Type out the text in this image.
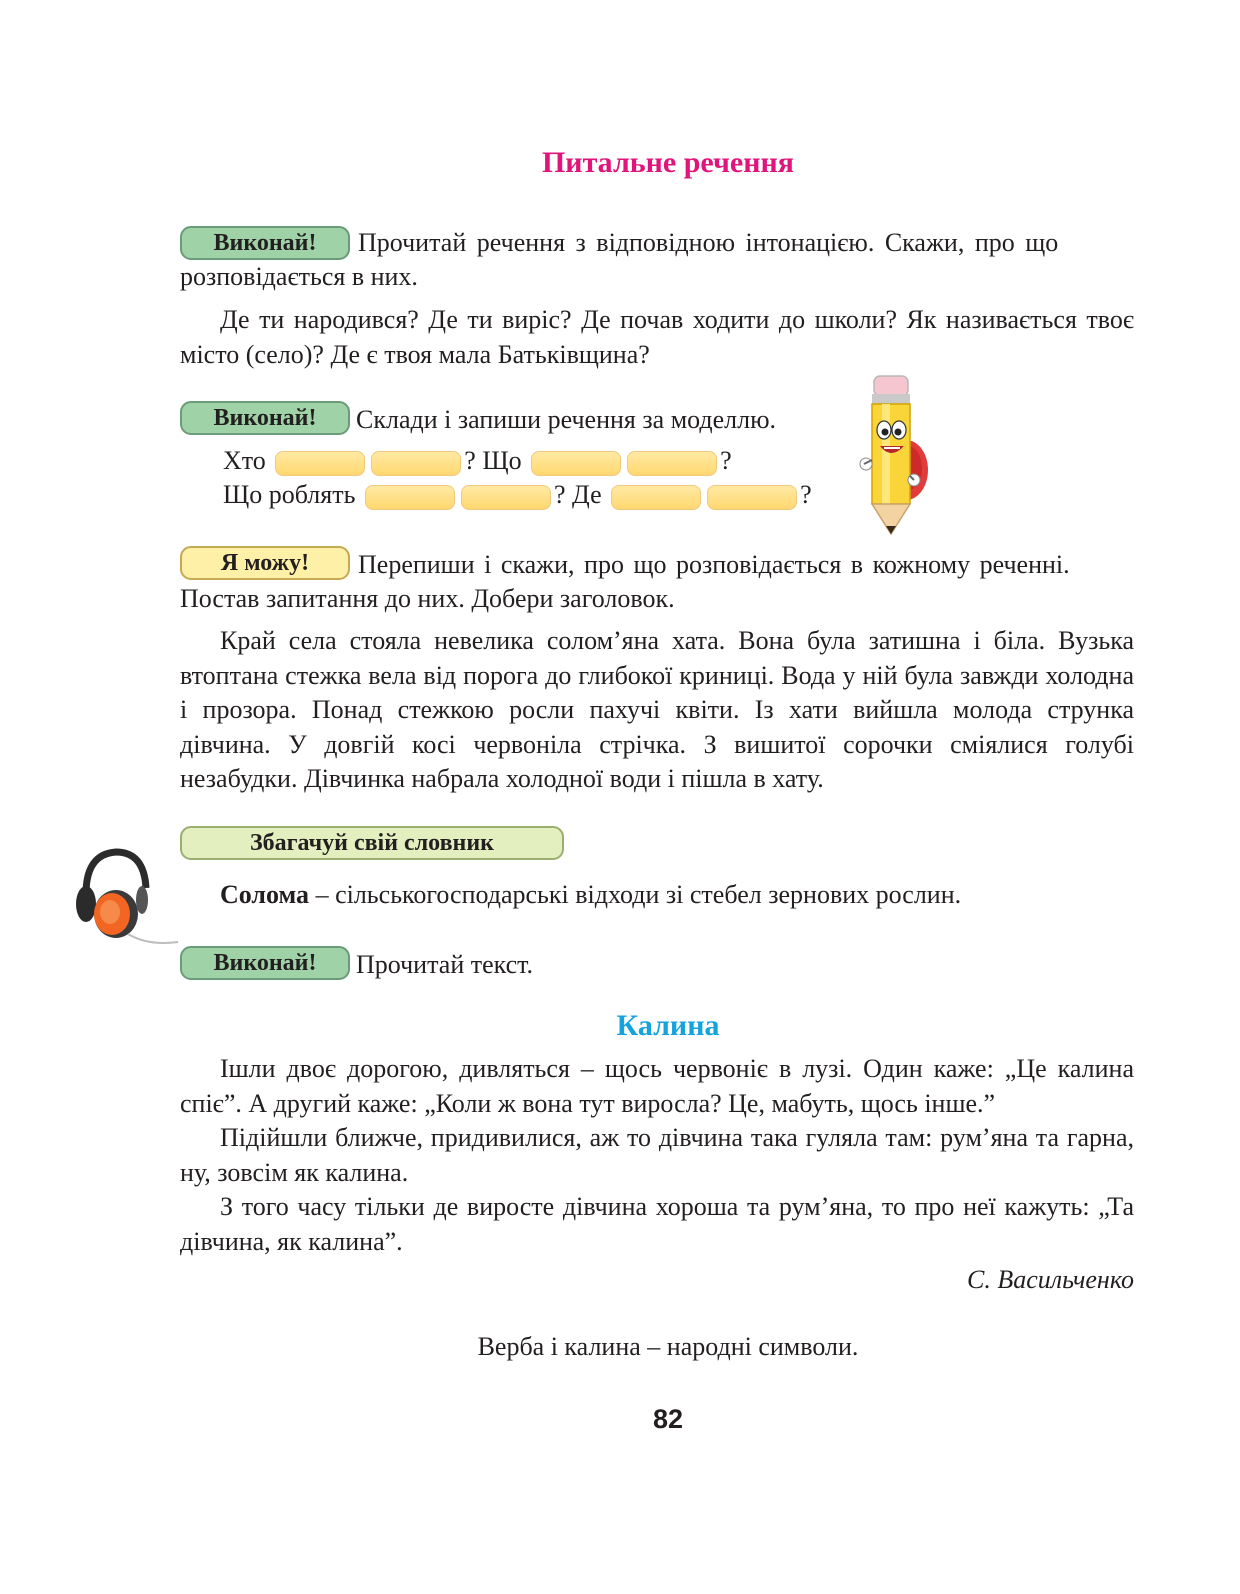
Питальне речення
Виконай!	Прочитай речення з відповідною інтонацією. Скажи, про що
розповідається в них.
Де ти народився? Де ти виріс? Де почав ходити до школи? Як називається твоє місто (село)? Де є твоя мала Батьківщина?
Виконай!	Склади і запиши речення за моделлю.
Хто	? Що	?
Що роблять	? Де	?
Я можу!	Перепиши і скажи, про що розповідається в кожному реченні.
Постав запитання до них. Добери заголовок.
Край села стояла невелика солом’яна хата. Вона була затишна і біла. Вузька втоптана стежка вела від порога до глибокої криниці. Вода у ній була завжди холодна і прозора. Понад стежкою росли пахучі квіти. Із хати вийшла молода струнка дівчина. У довгій косі червоніла стрічка. З вишитої сорочки сміялися голубі незабудки. Дівчинка набрала холодної води і пішла в хату.
Збагачуй свій словник
Солома – сільськогосподарські відходи зі стебел зернових рослин.
Виконай!	Прочитай текст.
Калина
Ішли двоє дорогою, дивляться – щось червоніє в лузі. Один каже: „Це калина спіє”. А другий каже: „Коли ж вона тут виросла? Це, мабуть, щось інше.”
Підійшли ближче, придивилися, аж то дівчина така гуляла там: рум’яна та гарна, ну, зовсім як калина.
З того часу тільки де виросте дівчина хороша та рум’яна, то про неї кажуть: „Та дівчина, як калина”.
С. Васильченко
Верба і калина – народні символи.
82
